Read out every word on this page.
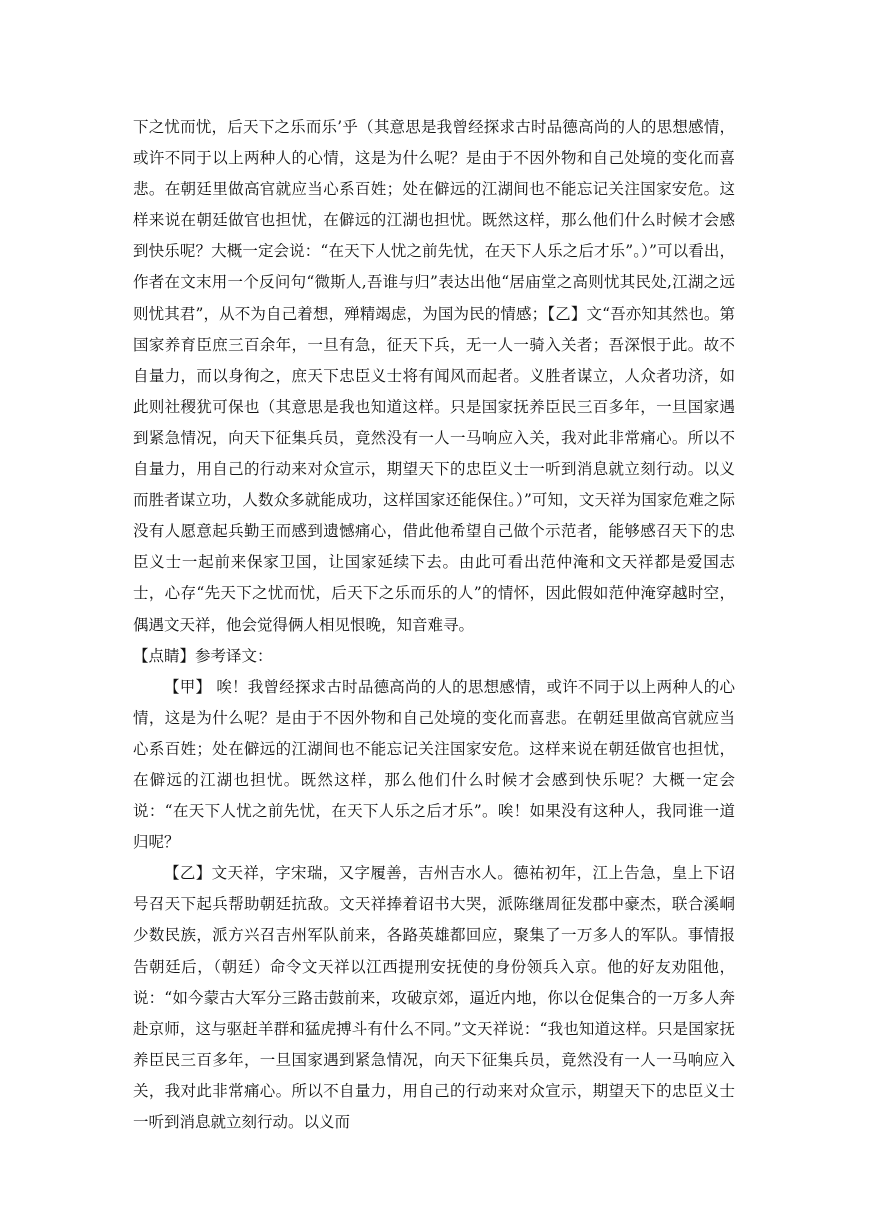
下之忧而忧，后天下之乐而乐’乎（其意思是我曾经探求古时品德高尚的人的思想感情，或许不同于以上两种人的心情，这是为什么呢？是由于不因外物和自己处境的变化而喜悲。在朝廷里做高官就应当心系百姓；处在僻远的江湖间也不能忘记关注国家安危。这样来说在朝廷做官也担忧，在僻远的江湖也担忧。既然这样，那么他们什么时候才会感到快乐呢？大概一定会说：“在天下人忧之前先忧，在天下人乐之后才乐”。）”可以看出，作者在文末用一个反问句“微斯人,吾谁与归”表达出他“居庙堂之高则忧其民处,江湖之远则忧其君”，从不为自己着想，殚精竭虑，为国为民的情感；【乙】文“吾亦知其然也。第国家养育臣庶三百余年，一旦有急，征天下兵，无一人一骑入关者；吾深恨于此。故不自量力，而以身徇之，庶天下忠臣义士将有闻风而起者。义胜者谋立，人众者功济，如此则社稷犹可保也（其意思是我也知道这样。只是国家抚养臣民三百多年，一旦国家遇到紧急情况，向天下征集兵员，竟然没有一人一马响应入关，我对此非常痛心。所以不自量力，用自己的行动来对众宣示，期望天下的忠臣义士一听到消息就立刻行动。以义而胜者谋立功，人数众多就能成功，这样国家还能保住。）”可知，文天祥为国家危难之际没有人愿意起兵勤王而感到遗憾痛心，借此他希望自己做个示范者，能够感召天下的忠臣义士一起前来保家卫国，让国家延续下去。由此可看出范仲淹和文天祥都是爱国志士，心存“先天下之忧而忧，后天下之乐而乐的人”的情怀，因此假如范仲淹穿越时空，偶遇文天祥，他会觉得俩人相见恨晚，知音难寻。

【点睛】参考译文：

【甲】 唉！我曾经探求古时品德高尚的人的思想感情，或许不同于以上两种人的心情，这是为什么呢？是由于不因外物和自己处境的变化而喜悲。在朝廷里做高官就应当心系百姓；处在僻远的江湖间也不能忘记关注国家安危。这样来说在朝廷做官也担忧，在僻远的江湖也担忧。既然这样，那么他们什么时候才会感到快乐呢？大概一定会说：“在天下人忧之前先忧，在天下人乐之后才乐”。唉！如果没有这种人，我同谁一道归呢？

【乙】文天祥，字宋瑞，又字履善，吉州吉水人。德祐初年，江上告急，皇上下诏号召天下起兵帮助朝廷抗敌。文天祥捧着诏书大哭，派陈继周征发郡中豪杰，联合溪峒少数民族，派方兴召吉州军队前来，各路英雄都回应，聚集了一万多人的军队。事情报告朝廷后，（朝廷）命令文天祥以江西提刑安抚使的身份领兵入京。他的好友劝阻他，说：“如今蒙古大军分三路击鼓前来，攻破京郊，逼近内地，你以仓促集合的一万多人奔赴京师，这与驱赶羊群和猛虎搏斗有什么不同。”文天祥说：“我也知道这样。只是国家抚养臣民三百多年，一旦国家遇到紧急情况，向天下征集兵员，竟然没有一人一马响应入关，我对此非常痛心。所以不自量力，用自己的行动来对众宣示，期望天下的忠臣义士一听到消息就立刻行动。以义而
